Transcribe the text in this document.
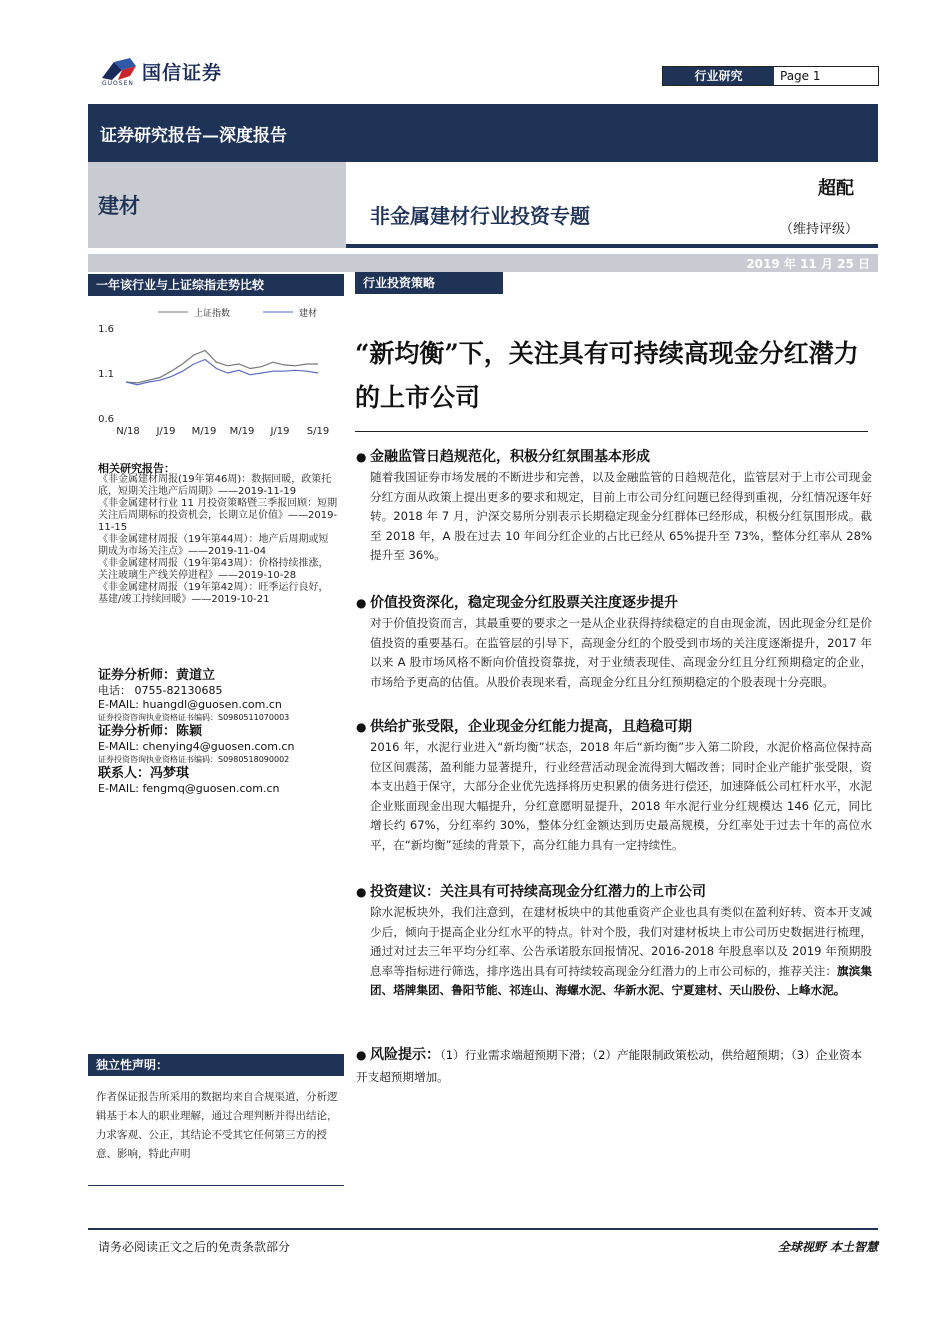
国信证券
GUOSEN
行业研究	Page 1
证券研究报告—深度报告
建材	非金属建材行业投资专题
超配
（维持评级）
2019 年 11 月 25 日
一年该行业与上证综指走势比较
1.6
1.1
0.6
N/18 J/19 M/19 M/19 J/19 S/19
上证指数	建材
相关研究报告：

《非金属建材周报(19年第46周)：数据回暖，政策托底，短期关注地产后周期》——2019-11-19

《非金属建材行业 11 月投资策略暨三季报回顾：短期关注后周期标的投资机会，长期立足价值》——2019-11-15

《非金属建材周报（19年第44周）：地产后周期或短期成为市场关注点》——2019-11-04

《非金属建材周报（19年第43周）：价格持续推涨，关注玻璃生产线关停进程》——2019-10-28

《非金属建材周报（19年第42周）：旺季运行良好，基建/竣工持续回暖》——2019-10-21

证券分析师：黄道立
电话： 0755-82130685
E-MAIL: huangdl@guosen.com.cn
证券投资咨询执业资格证书编码：S0980511070003
证券分析师：陈颖
E-MAIL: chenying4@guosen.com.cn
证券投资咨询执业资格证书编码：S0980518090002
联系人：冯梦琪
E-MAIL: fengmq@guosen.com.cn
独立性声明：
作者保证报告所采用的数据均来自合规渠道，分析逻辑基于本人的职业理解，通过合理判断并得出结论，力求客观、公正，其结论不受其它任何第三方的授意、影响，特此声明
行业投资策略
“新均衡”下，关注具有可持续高现金分红潜力的上市公司
● 金融监管日趋规范化，积极分红氛围基本形成
随着我国证券市场发展的不断进步和完善，以及金融监管的日趋规范化，监管层对于上市公司现金分红方面从政策上提出更多的要求和规定，目前上市公司分红问题已经得到重视，分红情况逐年好转。2018 年 7 月，沪深交易所分别表示长期稳定现金分红群体已经形成，积极分红氛围形成。截至 2018 年，A 股在过去 10 年间分红企业的占比已经从 65%提升至 73%，整体分红率从 28%提升至 36%。
● 价值投资深化，稳定现金分红股票关注度逐步提升
对于价值投资而言，其最重要的要求之一是从企业获得持续稳定的自由现金流，因此现金分红是价值投资的重要基石。在监管层的引导下，高现金分红的个股受到市场的关注度逐渐提升，2017 年以来 A 股市场风格不断向价值投资靠拢，对于业绩表现佳、高现金分红且分红预期稳定的企业，市场给予更高的估值。从股价表现来看，高现金分红且分红预期稳定的个股表现十分亮眼。
● 供给扩张受限，企业现金分红能力提高，且趋稳可期
2016 年，水泥行业进入“新均衡”状态，2018 年后“新均衡”步入第二阶段，水泥价格高位保持高位区间震荡，盈利能力显著提升，行业经营活动现金流得到大幅改善；同时企业产能扩张受限，资本支出趋于保守，大部分企业优先选择将历史积累的债务进行偿还，加速降低公司杠杆水平，水泥企业账面现金出现大幅提升，分红意愿明显提升，2018 年水泥行业分红规模达 146 亿元，同比增长约 67%，分红率约 30%，整体分红金额达到历史最高规模，分红率处于过去十年的高位水平，在“新均衡”延续的背景下，高分红能力具有一定持续性。
● 投资建议：关注具有可持续高现金分红潜力的上市公司
除水泥板块外，我们注意到，在建材板块中的其他重资产企业也具有类似在盈利好转、资本开支减少后，倾向于提高企业分红水平的特点。针对个股，我们对建材板块上市公司历史数据进行梳理，通过对过去三年平均分红率、公告承诺股东回报情况、2016-2018 年股息率以及 2019 年预期股息率等指标进行筛选，排序选出具有可持续较高现金分红潜力的上市公司标的，推荐关注：旗滨集团、塔牌集团、鲁阳节能、祁连山、海螺水泥、华新水泥、宁夏建材、天山股份、上峰水泥。
● 风险提示：（1）行业需求端超预期下滑；（2）产能限制政策松动，供给超预期；（3）企业资本开支超预期增加。
请务必阅读正文之后的免责条款部分	全球视野 本土智慧
